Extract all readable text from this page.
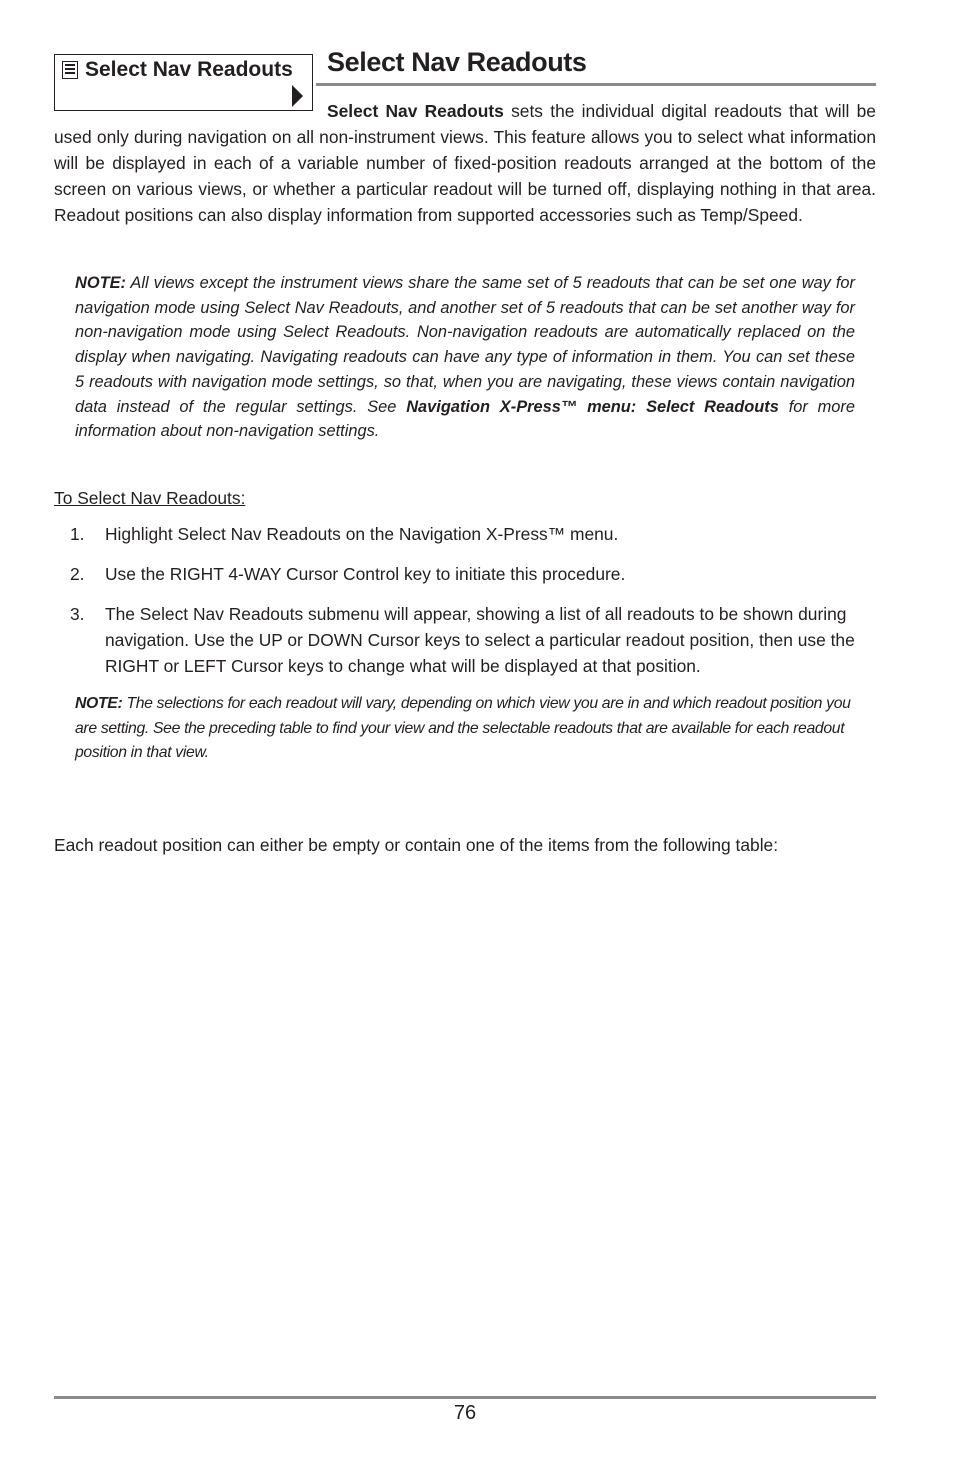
Select Nav Readouts Select Nav Readouts

Select Nav Readouts sets the individual digital readouts that will be used only during navigation on all non-instrument views. This feature allows you to select what information will be displayed in each of a variable number of fixed-position readouts arranged at the bottom of the screen on various views, or whether a particular readout will be turned off, displaying nothing in that area. Readout positions can also display information from supported accessories such as Temp/Speed.

NOTE: All views except the instrument views share the same set of 5 readouts that can be set one way for navigation mode using Select Nav Readouts, and another set of 5 readouts that can be set another way for non-navigation mode using Select Readouts. Non-navigation readouts are automatically replaced on the display when navigating. Navigating readouts can have any type of information in them. You can set these 5 readouts with navigation mode settings, so that, when you are navigating, these views contain navigation data instead of the regular settings. See Navigation X-Press™ menu: Select Readouts for more information about non-navigation settings.

To Select Nav Readouts:

1. Highlight Select Nav Readouts on the Navigation X-Press™ menu.
2. Use the RIGHT 4-WAY Cursor Control key to initiate this procedure.
3. The Select Nav Readouts submenu will appear, showing a list of all readouts to be shown during navigation. Use the UP or DOWN Cursor keys to select a particular readout position, then use the RIGHT or LEFT Cursor keys to change what will be displayed at that position.

NOTE: The selections for each readout will vary, depending on which view you are in and which readout position you are setting. See the preceding table to find your view and the selectable readouts that are available for each readout position in that view.

Each readout position can either be empty or contain one of the items from the following table:

76
